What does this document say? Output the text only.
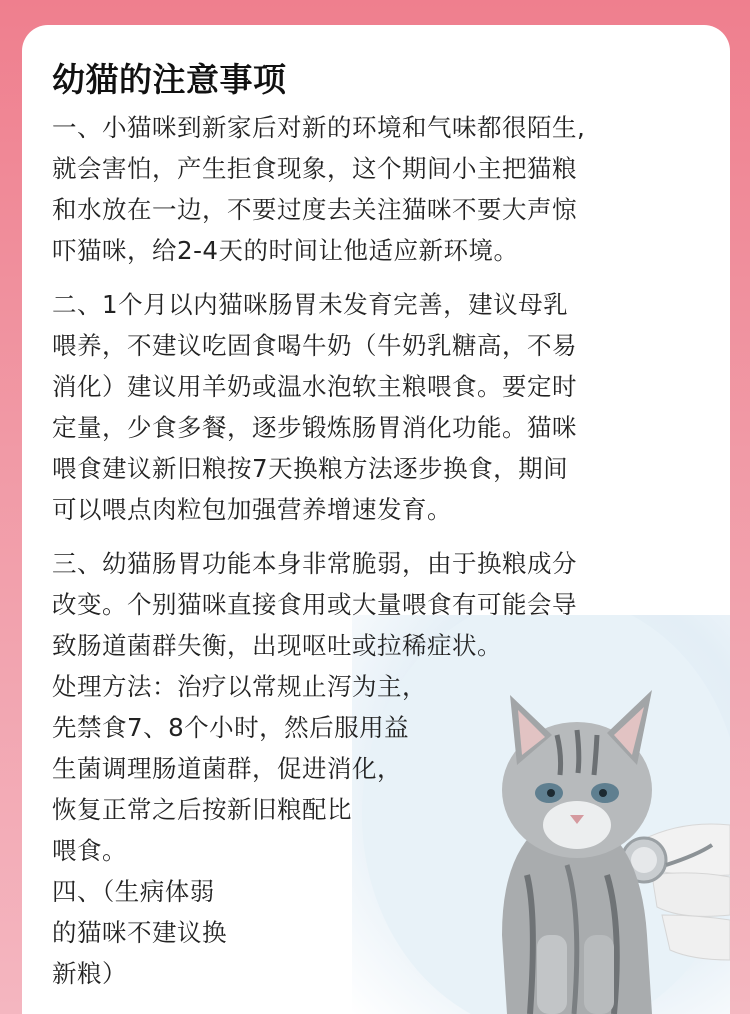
幼猫的注意事项
一、小猫咪到新家后对新的环境和气味都很陌生,
就会害怕，产生拒食现象，这个期间小主把猫粮
和水放在一边，不要过度去关注猫咪不要大声惊
吓猫咪，给2-4天的时间让他适应新环境。
二、1个月以内猫咪肠胃未发育完善，建议母乳
喂养，不建议吃固食喝牛奶（牛奶乳糖高，不易
消化）建议用羊奶或温水泡软主粮喂食。要定时
定量，少食多餐，逐步锻炼肠胃消化功能。猫咪
喂食建议新旧粮按7天换粮方法逐步换食，期间
可以喂点肉粒包加强营养增速发育。
三、幼猫肠胃功能本身非常脆弱，由于换粮成分
改变。个别猫咪直接食用或大量喂食有可能会导
致肠道菌群失衡，出现呕吐或拉稀症状。
处理方法：治疗以常规止泻为主，
先禁食7、8个小时，然后服用益
生菌调理肠道菌群，促进消化，
恢复正常之后按新旧粮配比
喂食。
四、（生病体弱
的猫咪不建议换
新粮）
